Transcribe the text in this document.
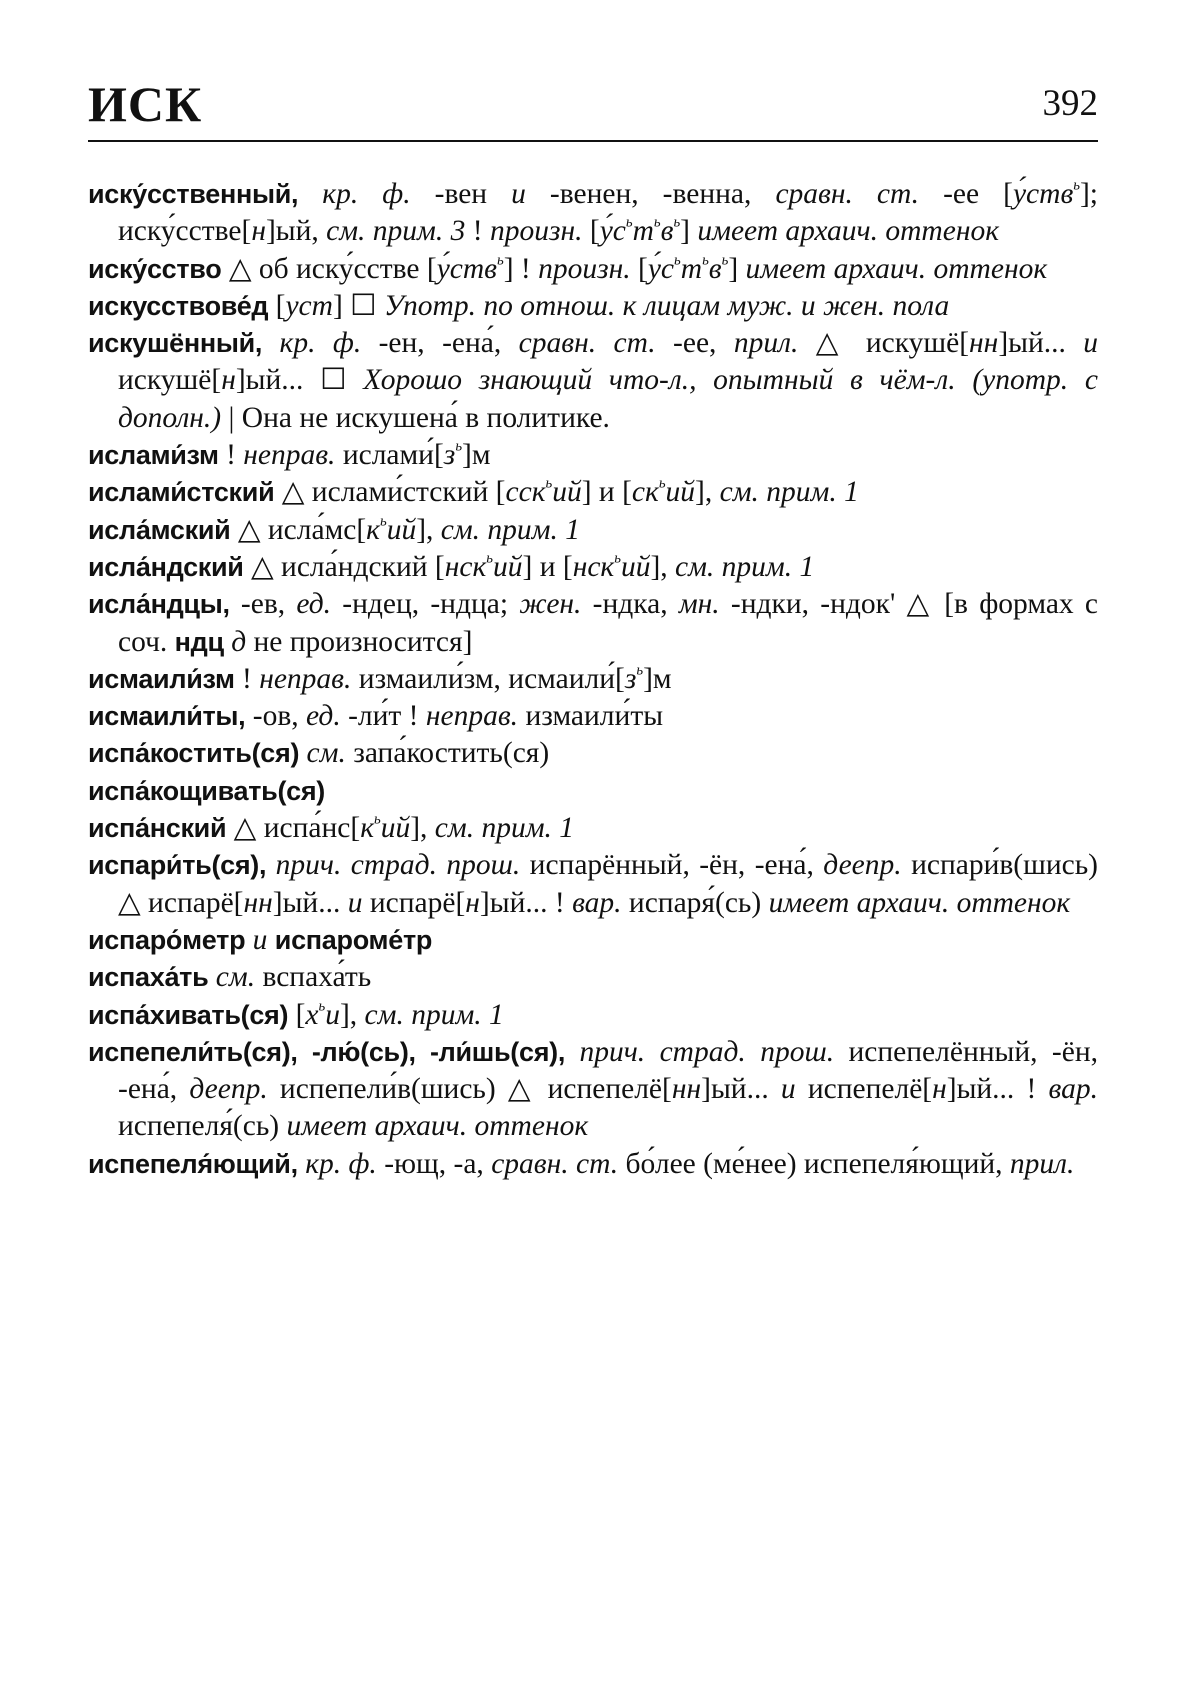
ИСК	392

иску́сственный, кр. ф. -вен и -венен, -венна, сравн. ст. -ее [у́ств$^ь$]; иску́сстве[н]ый, см. прим. 3 ! произн. $[у́с^ьт^ьв^ь]$ имеет архаич. оттенок

иску́сство △ об иску́сстве [у́ств$^ь$] ! произн. $[у́с^ьт^ьв^ь]$ имеет архаич. оттенок

искусствове́д [уст] ☐ Употр. по отнош. к лицам муж. и жен. пола

искушённый, кр. ф. -ен, -ена́, сравн. ст. -ее, прил. △ искушё[нн]ый... и искушё[н]ый... ☐ Хорошо знающий что-л., опытный в чём-л. (употр. с дополн.) | Она не искушена́ в политике.

ислами́зм ! неправ. $ислами́[з^ь]м$

ислами́стский △ ислами́стский [сск$^ь$ий] и $[ск^ьий]$, см. прим. 1

исла́мский △ $исла́мс[к^ьий]$, см. прим. 1

исла́ндский △ исла́ндский [нск$^ь$ий] и [нск$^ь$ий], см. прим. 1

исла́ндцы, -ев, ед. -ндец, -ндца; жен. -ндка, мн. -ндки, -ндок' △ [в формах с соч. ндц д не произносится]

исмаили́зм ! неправ. измаили́зм, $исмаили́[з^ь]м$

исмаили́ты, -ов, ед. -ли́т ! неправ. измаили́ты

испа́костить(ся) см. запа́костить(ся)

испа́кощивать(ся)

испа́нский △ $испа́нс[к^ьий]$, см. прим. 1

испари́ть(ся), прич. страд. прош. испарённый, -ён, -ена́, деепр. испари́в(шись) △ испарё[нн]ый... и испарё[н]ый... ! вар. испаря́(сь) имеет архаич. оттенок

испаро́метр и испароме́тр

испаха́ть см. вспаха́ть

испа́хивать(ся) $[х^ьи]$, см. прим. 1

испепели́ть(ся), -лю́(сь), -ли́шь(ся), прич. страд. прош. испепелённый, -ён, -ена́, деепр. испепели́в(шись) △ испепелё[нн]ый... и испепелё[н]ый... ! вар. испепеля́(сь) имеет архаич. оттенок

испепеля́ющий, кр. ф. -ющ, -а, сравн. ст. бо́лее (ме́нее) испепеля́ющий, прил.
